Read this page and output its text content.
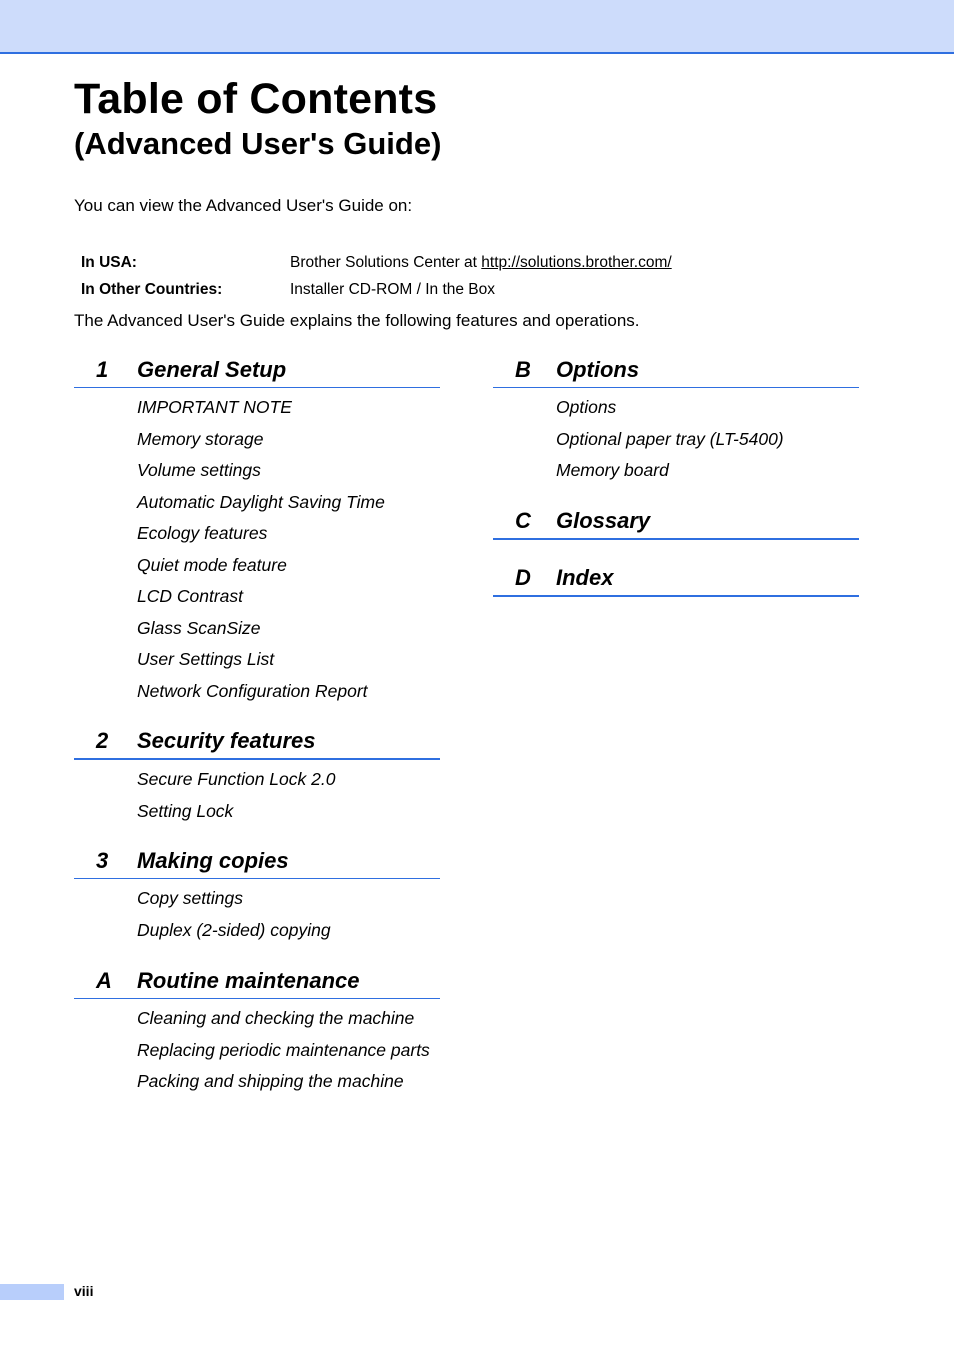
Table of Contents
(Advanced User's Guide)
You can view the Advanced User's Guide on:
In USA:	Brother Solutions Center at http://solutions.brother.com/
In Other Countries:	Installer CD-ROM / In the Box
The Advanced User's Guide explains the following features and operations.
1 General Setup
IMPORTANT NOTE
Memory storage
Volume settings
Automatic Daylight Saving Time
Ecology features
Quiet mode feature
LCD Contrast
Glass ScanSize
User Settings List
Network Configuration Report
2 Security features
Secure Function Lock 2.0
Setting Lock
3 Making copies
Copy settings
Duplex (2-sided) copying
A Routine maintenance
Cleaning and checking the machine
Replacing periodic maintenance parts
Packing and shipping the machine
B Options
Options
Optional paper tray (LT-5400)
Memory board
C Glossary
D Index
viii
